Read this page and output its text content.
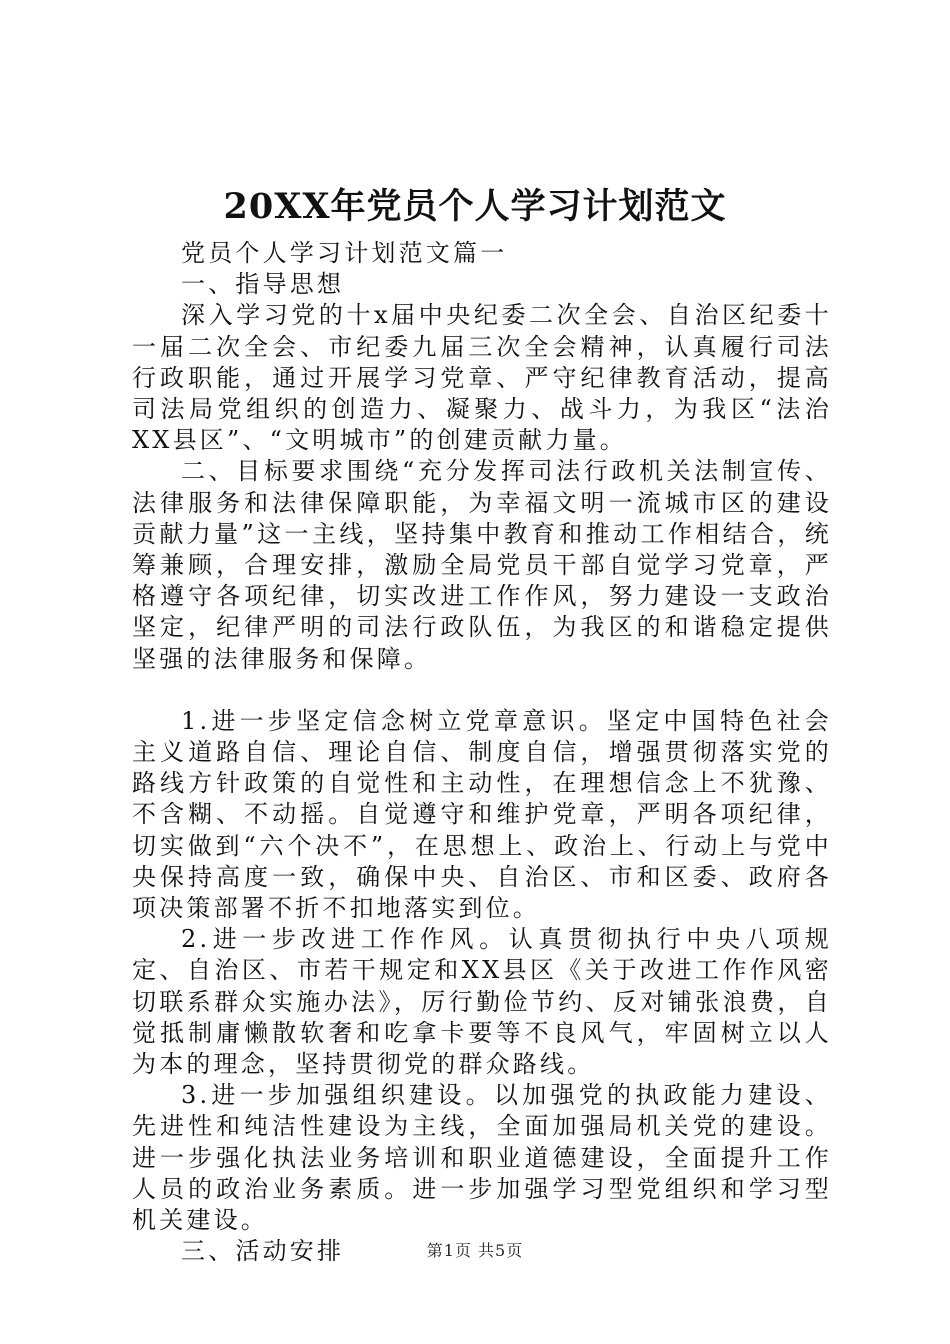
20XX年党员个人学习计划范文

党员个人学习计划范文篇一

一、指导思想

深入学习党的十x届中央纪委二次全会、自治区纪委十一届二次全会、市纪委九届三次全会精神，认真履行司法行政职能，通过开展学习党章、严守纪律教育活动，提高司法局党组织的创造力、凝聚力、战斗力，为我区“法治XX县区”、“文明城市”的创建贡献力量。

二、目标要求围绕“充分发挥司法行政机关法制宣传、法律服务和法律保障职能，为幸福文明一流城市区的建设贡献力量”这一主线，坚持集中教育和推动工作相结合，统筹兼顾，合理安排，激励全局党员干部自觉学习党章，严格遵守各项纪律，切实改进工作作风，努力建设一支政治坚定，纪律严明的司法行政队伍，为我区的和谐稳定提供坚强的法律服务和保障。

1.进一步坚定信念树立党章意识。坚定中国特色社会主义道路自信、理论自信、制度自信，增强贯彻落实党的路线方针政策的自觉性和主动性，在理想信念上不犹豫、不含糊、不动摇。自觉遵守和维护党章，严明各项纪律，切实做到“六个决不”，在思想上、政治上、行动上与党中央保持高度一致，确保中央、自治区、市和区委、政府各项决策部署不折不扣地落实到位。

2.进一步改进工作作风。认真贯彻执行中央八项规定、自治区、市若干规定和XX县区《关于改进工作作风密切联系群众实施办法》，厉行勤俭节约、反对铺张浪费，自觉抵制庸懒散软奢和吃拿卡要等不良风气，牢固树立以人为本的理念，坚持贯彻党的群众路线。

3.进一步加强组织建设。以加强党的执政能力建设、先进性和纯洁性建设为主线，全面加强局机关党的建设。进一步强化执法业务培训和职业道德建设，全面提升工作人员的政治业务素质。进一步加强学习型党组织和学习型机关建设。

三、活动安排	第1页 共5页
